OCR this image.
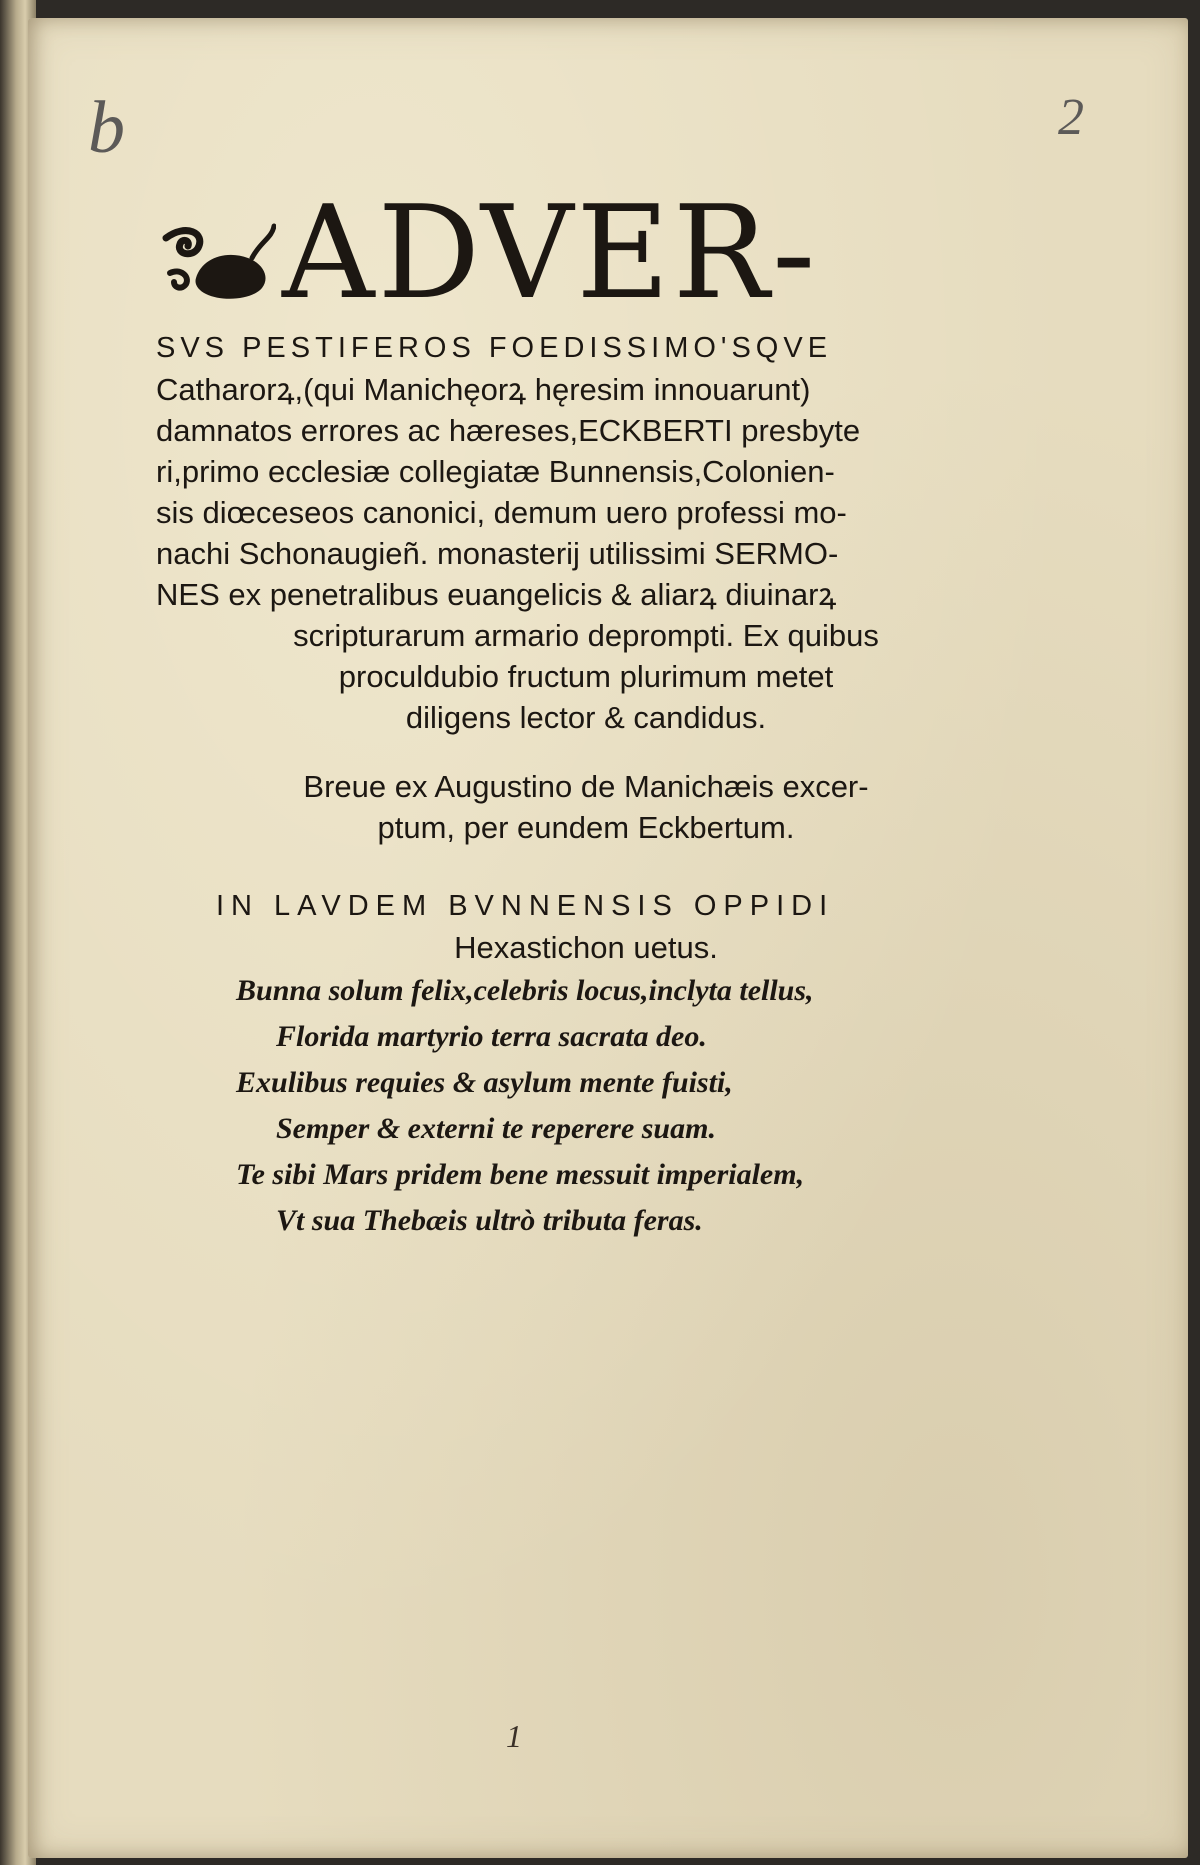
b	2
ADVER-
SVS PESTIFEROS FOEDISSIMO'SQVE
Catharorꝝ,(qui Manichęorꝝ hęresim innouarunt)
damnatos errores ac hæreses,ECKBERTI presbyte
ri,primo ecclesiæ collegiatæ Bunnensis,Colonien-
sis diœceseos canonici, demum uero professi mo-
nachi Schonaugieñ. monasterij utilissimi SERMO-
NES ex penetralibus euangelicis & aliarꝝ diuinarꝝ
scripturarum armario deprompti. Ex quibus
proculdubio fructum plurimum metet
diligens lector & candidus.
Breue ex Augustino de Manichæis excer-
ptum, per eundem Eckbertum.
IN LAVDEM BVNNENSIS OPPIDI
Hexastichon uetus.
Bunna solum felix,celebris locus,inclyta tellus,
Florida martyrio terra sacrata deo.
Exulibus requies & asylum mente fuisti,
Semper & externi te reperere suam.
Te sibi Mars pridem bene messuit imperialem,
Vt sua Thebæis ultrò tributa feras.
1
